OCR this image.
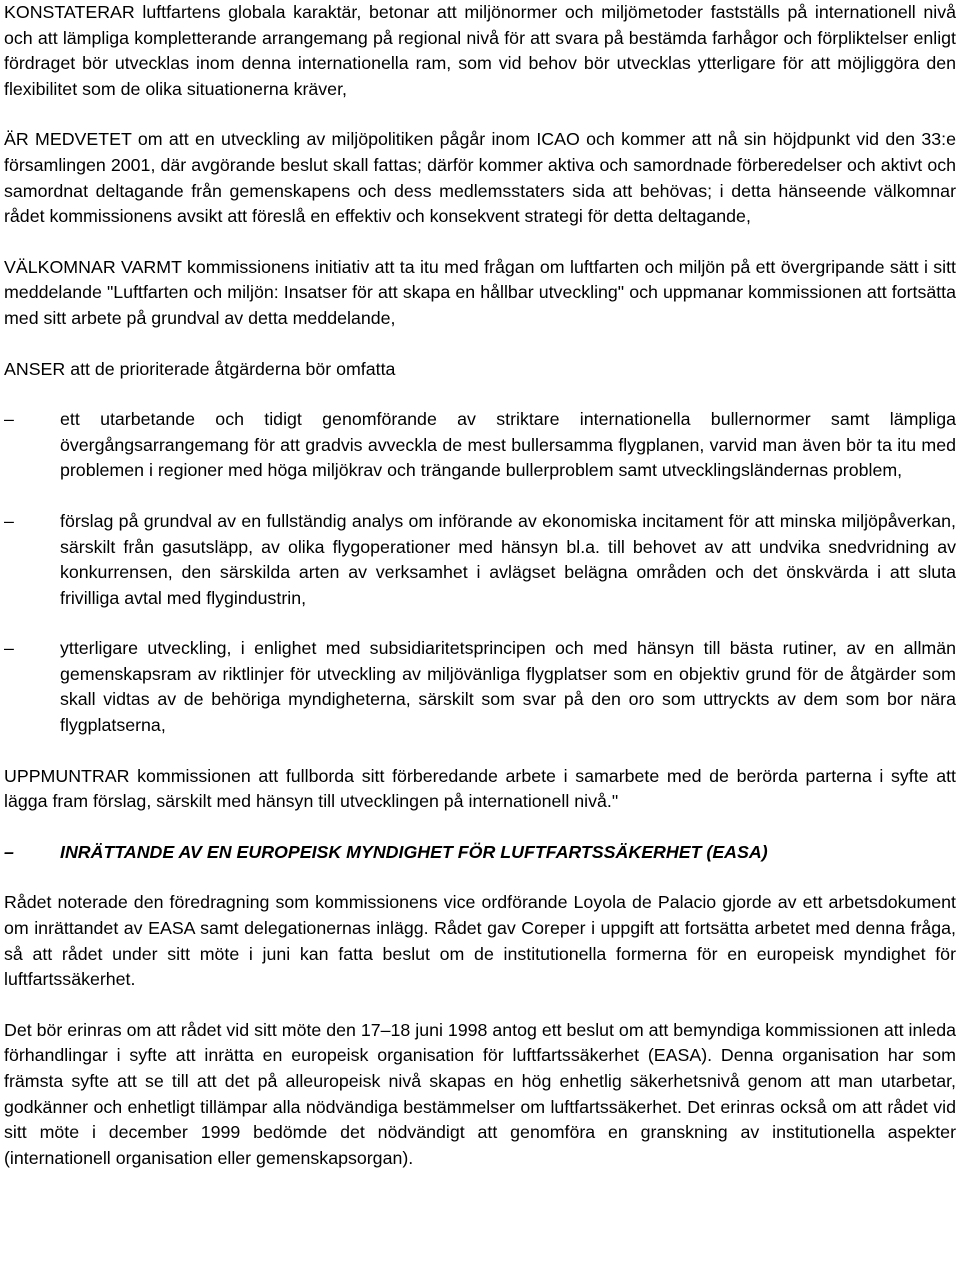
KONSTATERAR luftfartens globala karaktär, betonar att miljönormer och miljömetoder fastställs på internationell nivå och att lämpliga kompletterande arrangemang på regional nivå för att svara på bestämda farhågor och förpliktelser enligt fördraget bör utvecklas inom denna internationella ram, som vid behov bör utvecklas ytterligare för att möjliggöra den flexibilitet som de olika situationerna kräver,

ÄR MEDVETET om att en utveckling av miljöpolitiken pågår inom ICAO och kommer att nå sin höjdpunkt vid den 33:e församlingen 2001, där avgörande beslut skall fattas; därför kommer aktiva och samordnade förberedelser och aktivt och samordnat deltagande från gemenskapens och dess medlemsstaters sida att behövas; i detta hänseende välkomnar rådet kommissionens avsikt att föreslå en effektiv och konsekvent strategi för detta deltagande,

VÄLKOMNAR VARMT kommissionens initiativ att ta itu med frågan om luftfarten och miljön på ett övergripande sätt i sitt meddelande "Luftfarten och miljön: Insatser för att skapa en hållbar utveckling" och uppmanar kommissionen att fortsätta med sitt arbete på grundval av detta meddelande,

ANSER att de prioriterade åtgärderna bör omfatta

–	ett utarbetande och tidigt genomförande av striktare internationella bullernormer samt lämpliga övergångsarrangemang för att gradvis avveckla de mest bullersamma flygplanen, varvid man även bör ta itu med problemen i regioner med höga miljökrav och trängande bullerproblem samt utvecklingsländernas problem,
–	förslag på grundval av en fullständig analys om införande av ekonomiska incitament för att minska miljöpåverkan, särskilt från gasutsläpp, av olika flygoperationer med hänsyn bl.a. till behovet av att undvika snedvridning av konkurrensen, den särskilda arten av verksamhet i avlägset belägna områden och det önskvärda i att sluta frivilliga avtal med flygindustrin,
–	ytterligare utveckling, i enlighet med subsidiaritetsprincipen och med hänsyn till bästa rutiner, av en allmän gemenskapsram av riktlinjer för utveckling av miljövänliga flygplatser som en objektiv grund för de åtgärder som skall vidtas av de behöriga myndigheterna, särskilt som svar på den oro som uttryckts av dem som bor nära flygplatserna,

UPPMUNTRAR kommissionen att fullborda sitt förberedande arbete i samarbete med de berörda parterna i syfte att lägga fram förslag, särskilt med hänsyn till utvecklingen på internationell nivå."

–	INRÄTTANDE AV EN EUROPEISK MYNDIGHET FÖR LUFTFARTSSÄKERHET (EASA)

Rådet noterade den föredragning som kommissionens vice ordförande Loyola de Palacio gjorde av ett arbetsdokument om inrättandet av EASA samt delegationernas inlägg. Rådet gav Coreper i uppgift att fortsätta arbetet med denna fråga, så att rådet under sitt möte i juni kan fatta beslut om de institutionella formerna för en europeisk myndighet för luftfartssäkerhet.

Det bör erinras om att rådet vid sitt möte den 17–18 juni 1998 antog ett beslut om att bemyndiga kommissionen att inleda förhandlingar i syfte att inrätta en europeisk organisation för luftfartssäkerhet (EASA). Denna organisation har som främsta syfte att se till att det på alleuropeisk nivå skapas en hög enhetlig säkerhetsnivå genom att man utarbetar, godkänner och enhetligt tillämpar alla nödvändiga bestämmelser om luftfartssäkerhet. Det erinras också om att rådet vid sitt möte i december 1999 bedömde det nödvändigt att genomföra en granskning av institutionella aspekter (internationell organisation eller gemenskapsorgan).
